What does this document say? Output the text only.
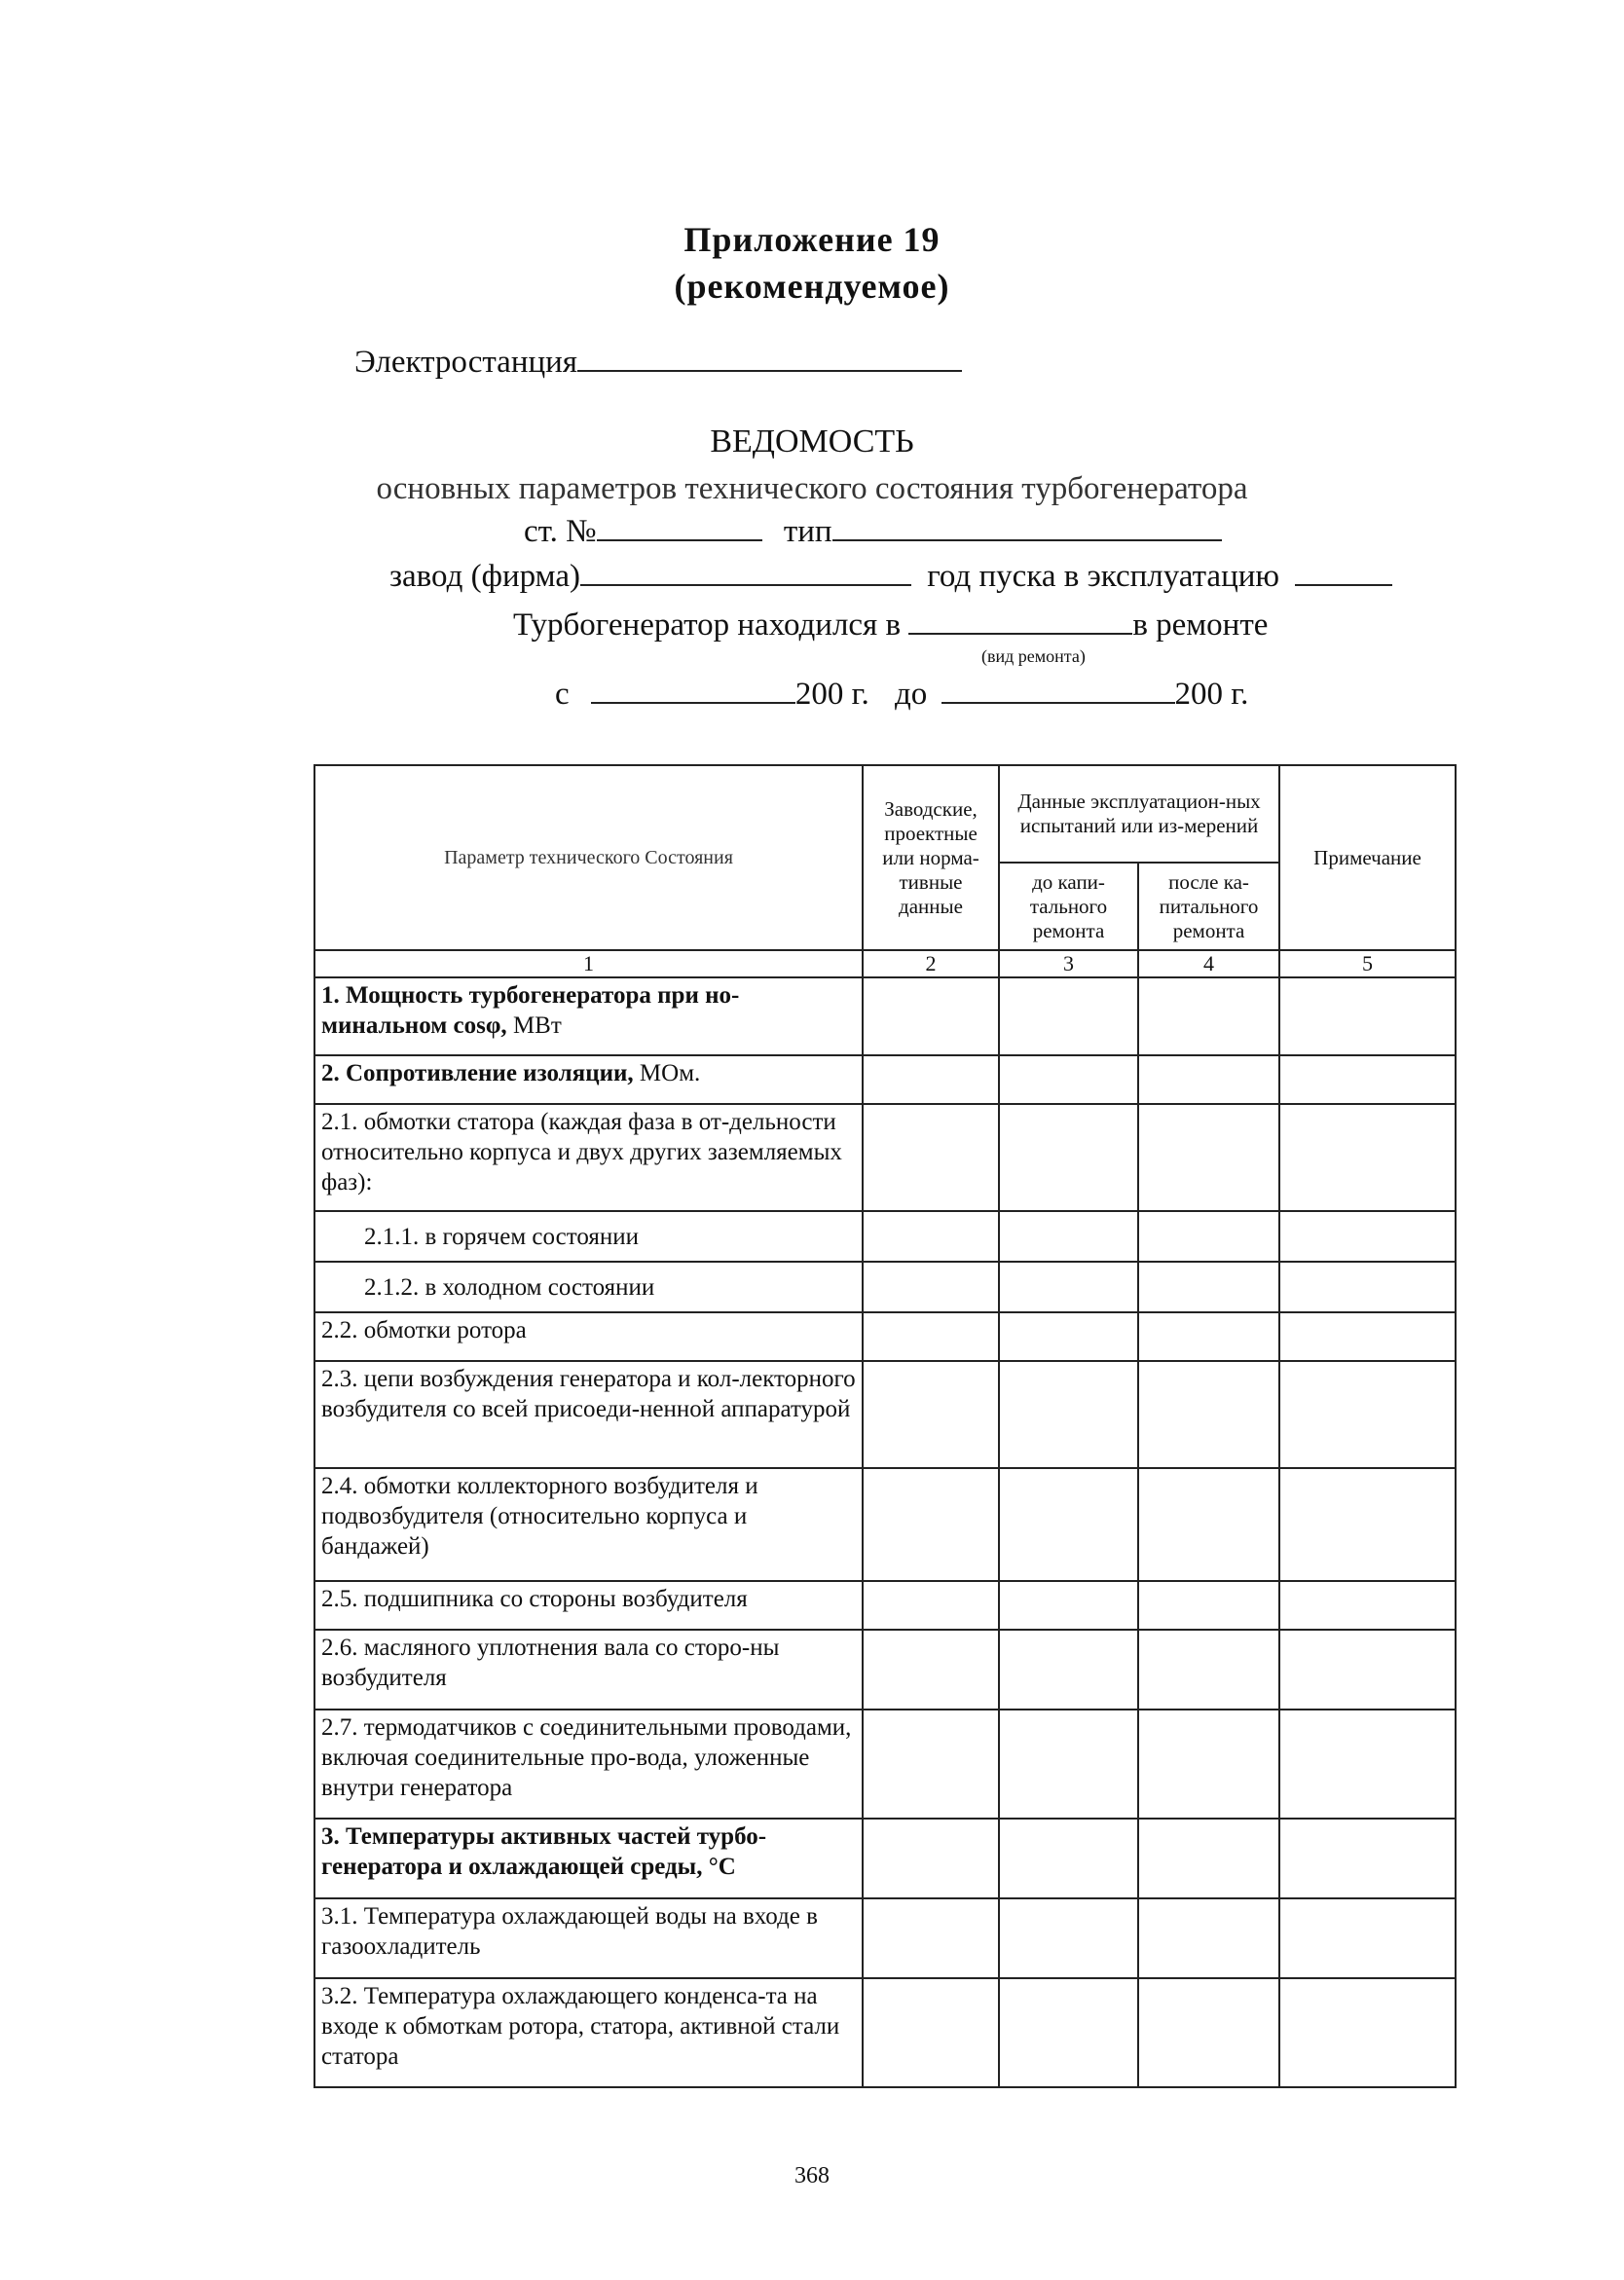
Приложение 19
(рекомендуемое)
Электростанция
ВЕДОМОСТЬ
основных параметров технического состояния турбогенератора
ст. №	тип
завод (фирма)	год пуска в эксплуатацию
Турбогенератор находился в	в ремонте
(вид ремонта)
с	200 г. до	200 г.
Параметр технического Состояния	Заводские, проектные или норма-тивные данные	Данные эксплуатацион-ных испытаний или из-мерений		Примечание
		до капи-тального ремонта	после ка-питального ремонта	
1	2	3	4	5
1. Мощность турбогенератора при но-минальном cosφ, МВт				
2. Сопротивление изоляции, МОм.				
2.1. обмотки статора (каждая фаза в от-дельности относительно корпуса и двух других заземляемых фаз):				
2.1.1. в горячем состоянии				
2.1.2. в холодном состоянии				
2.2. обмотки ротора				
2.3. цепи возбуждения генератора и кол-лекторного возбудителя со всей присоеди-ненной аппаратурой				
2.4. обмотки коллекторного возбудителя и подвозбудителя (относительно корпуса и бандажей)				
2.5. подшипника со стороны возбудителя				
2.6. масляного уплотнения вала со сторо-ны возбудителя				
2.7. термодатчиков с соединительными проводами, включая соединительные про-вода, уложенные внутри генератора				
3. Температуры активных частей турбо-генератора и охлаждающей среды, °С				
3.1. Температура охлаждающей воды на входе в газоохладитель				
3.2. Температура охлаждающего конденса-та на входе к обмоткам ротора, статора, активной стали статора				
368
